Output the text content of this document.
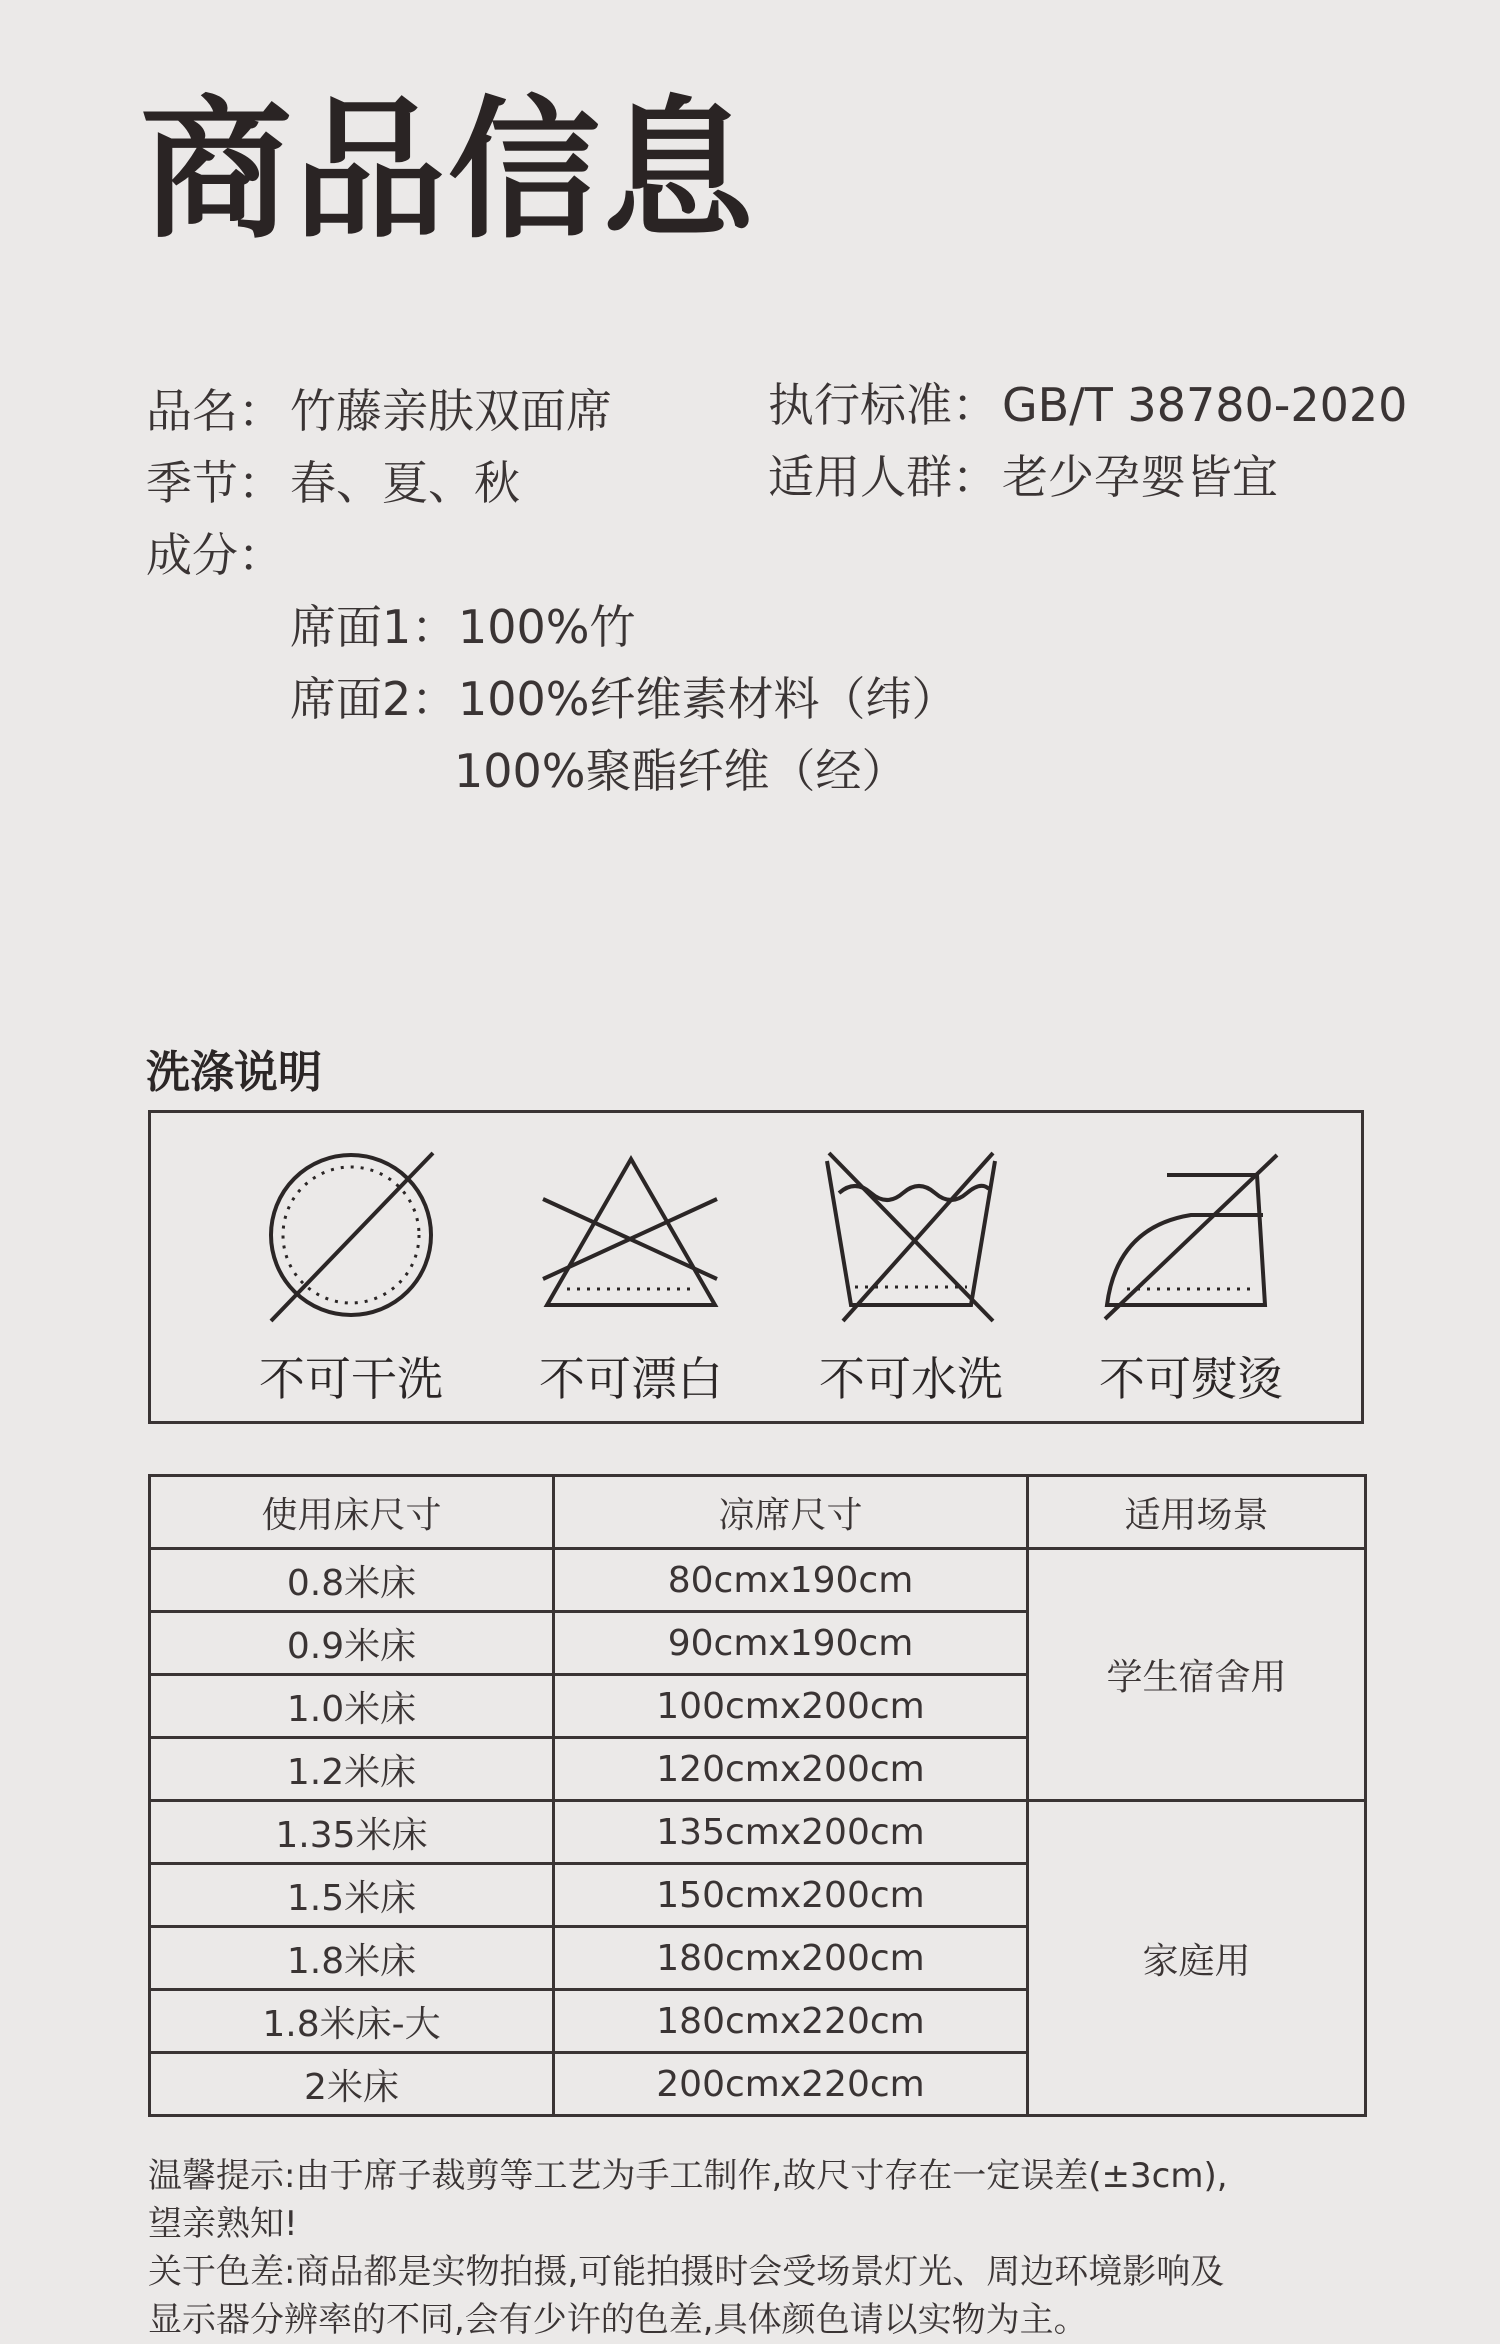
商品信息
品名： 竹藤亲肤双面席
季节： 春、夏、秋
成分：
席面1： 100%竹
席面2： 100%纤维素材料（纬）
100%聚酯纤维（经）
执行标准： GB/T 38780-2020
适用人群： 老少孕婴皆宜
洗涤说明
不可干洗	不可漂白	不可水洗	不可熨烫
使用床尺寸	凉席尺寸	适用场景
0.8米床	80cmx190cm	学生宿舍用
0.9米床	90cmx190cm	
1.0米床	100cmx200cm	
1.2米床	120cmx200cm	
1.35米床	135cmx200cm	家庭用
1.5米床	150cmx200cm	
1.8米床	180cmx200cm	
1.8米床-大	180cmx220cm	
2米床	200cmx220cm	
温馨提示:由于席子裁剪等工艺为手工制作,故尺寸存在一定误差(±3cm),
望亲熟知!
关于色差:商品都是实物拍摄,可能拍摄时会受场景灯光、周边环境影响及
显示器分辨率的不同,会有少许的色差,具体颜色请以实物为主。
